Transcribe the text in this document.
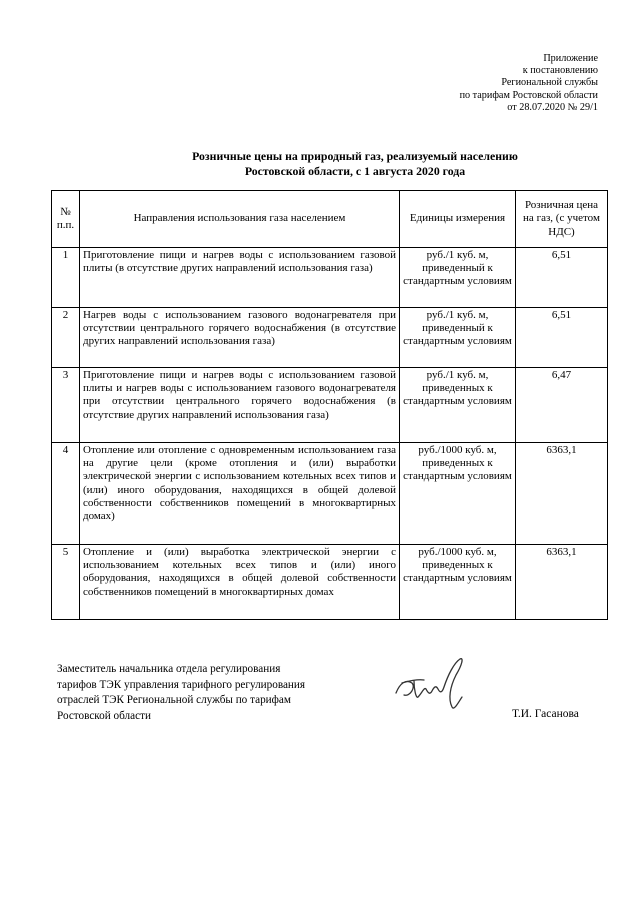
Приложение
к постановлению
Региональной службы
по тарифам Ростовской области
от 28.07.2020 № 29/1
Розничные цены на природный газ, реализуемый населению
Ростовской области, с 1 августа 2020 года
№ п.п.	Направления использования газа населением	Единицы измерения	Розничная цена на газ, (с учетом НДС)
1	Приготовление пищи и нагрев воды с использованием газовой плиты (в отсутствие других направлений использования газа)	руб./1 куб. м, приведенный к стандартным условиям	6,51
2	Нагрев воды с использованием газового водонагревателя при отсутствии центрального горячего водоснабжения (в отсутствие других направлений использования газа)	руб./1 куб. м, приведенный к стандартным условиям	6,51
3	Приготовление пищи и нагрев воды с использованием газовой плиты и нагрев воды с использованием газового водонагревателя при отсутствии центрального горячего водоснабжения (в отсутствие других направлений использования газа)	руб./1 куб. м, приведенных к стандартным условиям	6,47
4	Отопление или отопление с одновременным использованием газа на другие цели (кроме отопления и (или) выработки электрической энергии с использованием котельных всех типов и (или) иного оборудования, находящихся в общей долевой собственности собственников помещений в многоквартирных домах)	руб./1000 куб. м, приведенных к стандартным условиям	6363,1
5	Отопление и (или) выработка электрической энергии с использованием котельных всех типов и (или) иного оборудования, находящихся в общей долевой собственности собственников помещений в многоквартирных домах	руб./1000 куб. м, приведенных к стандартным условиям	6363,1
Заместитель начальника отдела регулирования
тарифов ТЭК управления тарифного регулирования
отраслей ТЭК Региональной службы по тарифам
Ростовской области	Т.И. Гасанова
